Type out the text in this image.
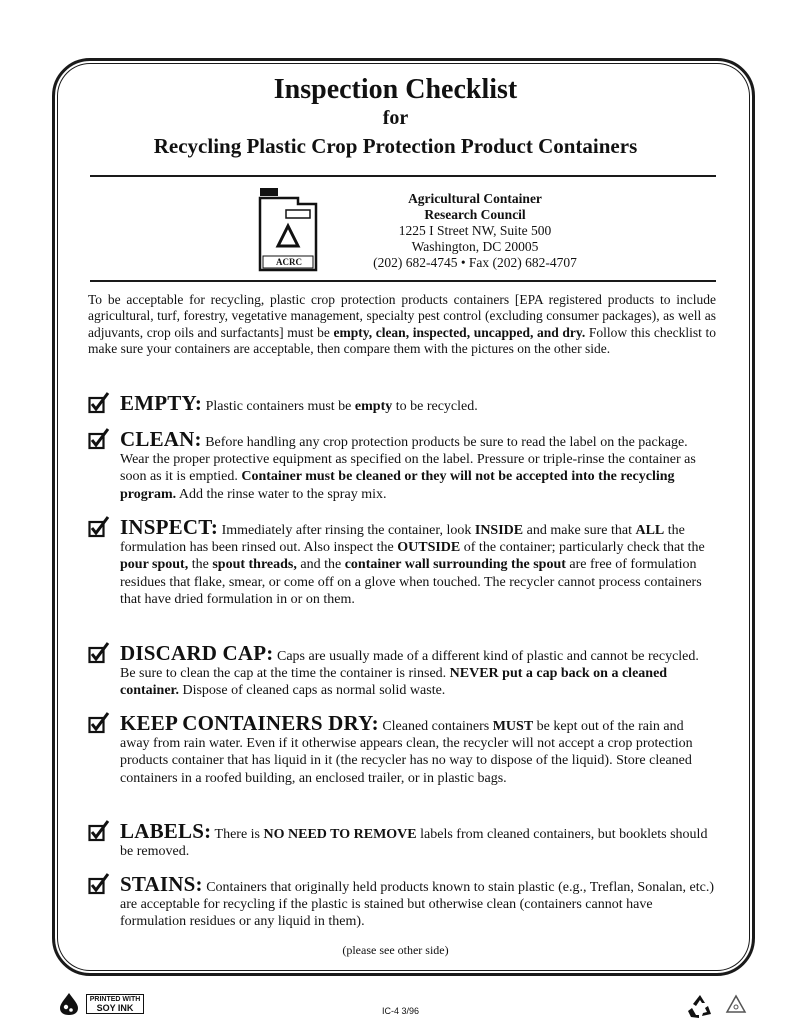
Inspection Checklist
for
Recycling Plastic Crop Protection Product Containers
ACRC
Agricultural Container
Research Council
1225 I Street NW, Suite 500
Washington, DC 20005
(202) 682-4745 • Fax (202) 682-4707
To be acceptable for recycling, plastic crop protection products containers [EPA registered products to include agricultural, turf, forestry, vegetative management, specialty pest control (excluding consumer packages), as well as adjuvants, crop oils and surfactants] must be empty, clean, inspected, uncapped, and dry. Follow this checklist to make sure your containers are acceptable, then compare them with the pictures on the other side.
EMPTY: Plastic containers must be empty to be recycled.
CLEAN: Before handling any crop protection products be sure to read the label on the package. Wear the proper protective equipment as specified on the label. Pressure or triple-rinse the container as soon as it is emptied. Container must be cleaned or they will not be accepted into the recycling program. Add the rinse water to the spray mix.
INSPECT: Immediately after rinsing the container, look INSIDE and make sure that ALL the formulation has been rinsed out. Also inspect the OUTSIDE of the container; particularly check that the pour spout, the spout threads, and the container wall surrounding the spout are free of formulation residues that flake, smear, or come off on a glove when touched. The recycler cannot process containers that have dried formulation in or on them.
DISCARD CAP: Caps are usually made of a different kind of plastic and cannot be recycled. Be sure to clean the cap at the time the container is rinsed. NEVER put a cap back on a cleaned container. Dispose of cleaned caps as normal solid waste.
KEEP CONTAINERS DRY: Cleaned containers MUST be kept out of the rain and away from rain water. Even if it otherwise appears clean, the recycler will not accept a crop protection products container that has liquid in it (the recycler has no way to dispose of the liquid). Store cleaned containers in a roofed building, an enclosed trailer, or in plastic bags.
LABELS: There is NO NEED TO REMOVE labels from cleaned containers, but booklets should be removed.
STAINS: Containers that originally held products known to stain plastic (e.g., Treflan, Sonalan, etc.) are acceptable for recycling if the plastic is stained but otherwise clean (containers cannot have formulation residues or any liquid in them).
(please see other side)
PRINTED WITH
SOY INK	IC-4 3/96
